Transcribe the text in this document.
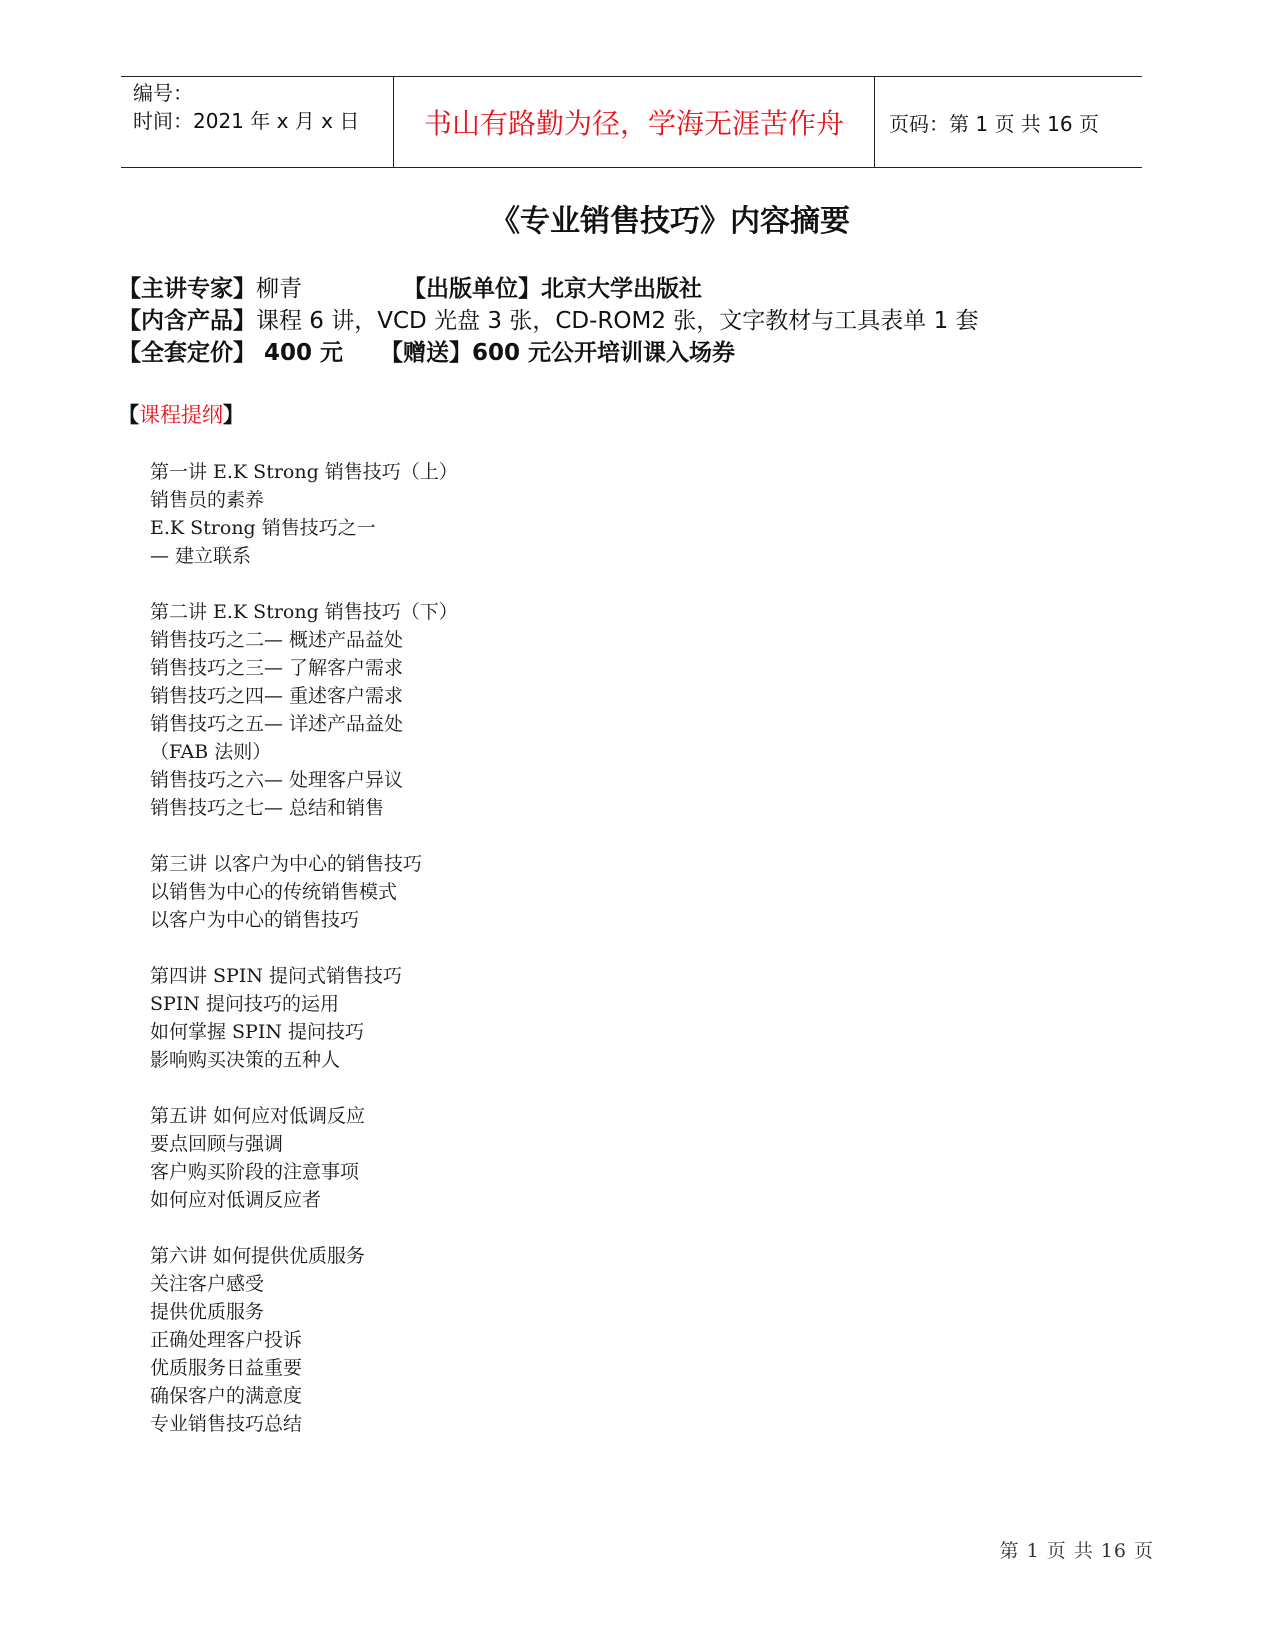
编号：
时间：2021 年 x 月 x 日	书山有路勤为径，学海无涯苦作舟	页码：第 1 页 共 16 页
《专业销售技巧》内容摘要
【主讲专家】柳青	【出版单位】北京大学出版社
【内含产品】课程 6 讲，VCD 光盘 3 张，CD-ROM2 张，文字教材与工具表单 1 套
【全套定价】 400 元 【赠送】600 元公开培训课入场券
【课程提纲】
第一讲 E.K Strong 销售技巧（上）
销售员的素养
E.K Strong 销售技巧之一
— 建立联系
第二讲 E.K Strong 销售技巧（下）
销售技巧之二— 概述产品益处
销售技巧之三— 了解客户需求
销售技巧之四— 重述客户需求
销售技巧之五— 详述产品益处
（FAB 法则）
销售技巧之六— 处理客户异议
销售技巧之七— 总结和销售
第三讲 以客户为中心的销售技巧
以销售为中心的传统销售模式
以客户为中心的销售技巧
第四讲 SPIN 提问式销售技巧
SPIN 提问技巧的运用
如何掌握 SPIN 提问技巧
影响购买决策的五种人
第五讲 如何应对低调反应
要点回顾与强调
客户购买阶段的注意事项
如何应对低调反应者
第六讲 如何提供优质服务
关注客户感受
提供优质服务
正确处理客户投诉
优质服务日益重要
确保客户的满意度
专业销售技巧总结
第 1 页 共 16 页
